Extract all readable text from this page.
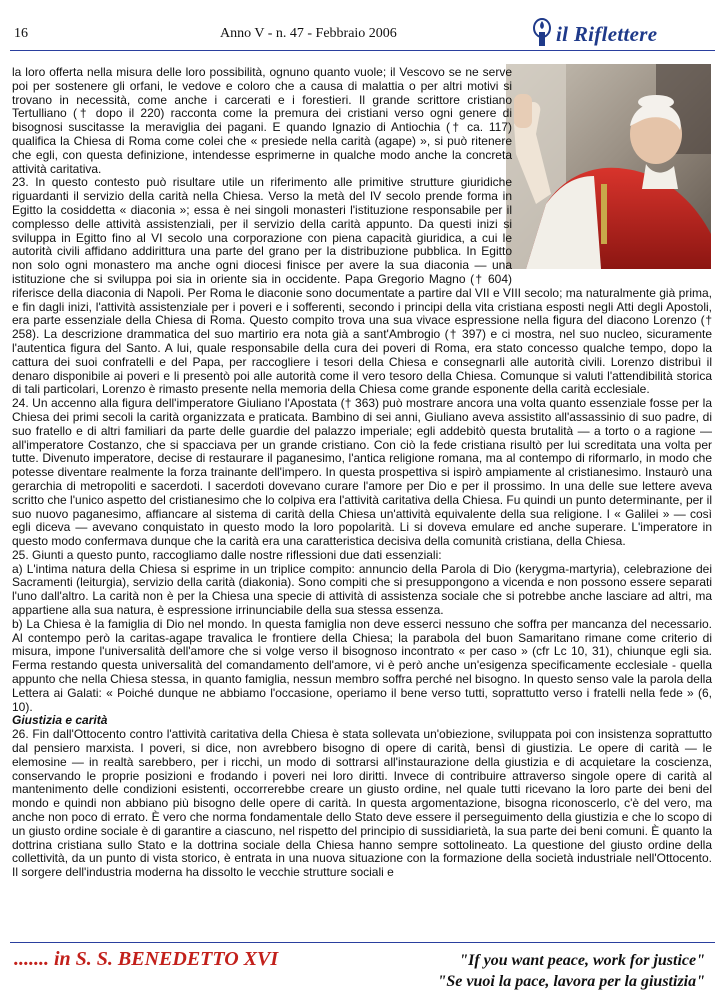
16	Anno V - n. 47 - Febbraio 2006	il Riflettere

la loro offerta nella misura delle loro possibilità, ognuno quanto vuole; il Vescovo se ne serve poi per sostenere gli orfani, le vedove e coloro che a causa di malattia o per altri motivi si trovano in necessità, come anche i carcerati e i forestieri. Il grande scrittore cristiano Tertulliano († dopo il 220) racconta come la premura dei cristiani verso ogni genere di bisognosi suscitasse la meraviglia dei pagani. E quando Ignazio di Antiochia († ca. 117) qualifica la Chiesa di Roma come colei che « presiede nella carità (agape) », si può ritenere che egli, con questa definizione, intendesse esprimerne in qualche modo anche la concreta attività caritativa.

23. In questo contesto può risultare utile un riferimento alle primitive strutture giuridiche riguardanti il servizio della carità nella Chiesa. Verso la metà del IV secolo prende forma in Egitto la cosiddetta « diaconia »; essa è nei singoli monasteri l'istituzione responsabile per il complesso delle attività assistenziali, per il servizio della carità appunto. Da questi inizi si sviluppa in Egitto fino al VI secolo una corporazione con piena capacità giuridica, a cui le autorità civili affidano addirittura una parte del grano per la distribuzione pubblica. In Egitto non solo ogni monastero ma anche ogni diocesi finisce per avere la sua diaconia — una istituzione che si sviluppa poi sia in oriente sia in occidente. Papa Gregorio Magno († 604) riferisce della diaconia di Napoli. Per Roma le diaconie sono documentate a partire dal VII e VIII secolo; ma naturalmente già prima, e fin dagli inizi, l'attività assistenziale per i poveri e i sofferenti, secondo i principi della vita cristiana esposti negli Atti degli Apostoli, era parte essenziale della Chiesa di Roma. Questo compito trova una sua vivace espressione nella figura del diacono Lorenzo († 258). La descrizione drammatica del suo martirio era nota già a sant'Ambrogio († 397) e ci mostra, nel suo nucleo, sicuramente l'autentica figura del Santo. A lui, quale responsabile della cura dei poveri di Roma, era stato concesso qualche tempo, dopo la cattura dei suoi confratelli e del Papa, per raccogliere i tesori della Chiesa e consegnarli alle autorità civili. Lorenzo distribuì il denaro disponibile ai poveri e li presentò poi alle autorità come il vero tesoro della Chiesa. Comunque si valuti l'attendibilità storica di tali particolari, Lorenzo è rimasto presente nella memoria della Chiesa come grande esponente della carità ecclesiale.

24. Un accenno alla figura dell'imperatore Giuliano l'Apostata († 363) può mostrare ancora una volta quanto essenziale fosse per la Chiesa dei primi secoli la carità organizzata e praticata. Bambino di sei anni, Giuliano aveva assistito all'assassinio di suo padre, di suo fratello e di altri familiari da parte delle guardie del palazzo imperiale; egli addebitò questa brutalità — a torto o a ragione — all'imperatore Costanzo, che si spacciava per un grande cristiano. Con ciò la fede cristiana risultò per lui screditata una volta per tutte. Divenuto imperatore, decise di restaurare il paganesimo, l'antica religione romana, ma al contempo di riformarlo, in modo che potesse diventare realmente la forza trainante dell'impero. In questa prospettiva si ispirò ampiamente al cristianesimo. Instaurò una gerarchia di metropoliti e sacerdoti. I sacerdoti dovevano curare l'amore per Dio e per il prossimo. In una delle sue lettere aveva scritto che l'unico aspetto del cristianesimo che lo colpiva era l'attività caritativa della Chiesa. Fu quindi un punto determinante, per il suo nuovo paganesimo, affiancare al sistema di carità della Chiesa un'attività equivalente della sua religione. I « Galilei » — così egli diceva — avevano conquistato in questo modo la loro popolarità. Li si doveva emulare ed anche superare. L'imperatore in questo modo confermava dunque che la carità era una caratteristica decisiva della comunità cristiana, della Chiesa.

25. Giunti a questo punto, raccogliamo dalle nostre riflessioni due dati essenziali:

a) L'intima natura della Chiesa si esprime in un triplice compito: annuncio della Parola di Dio (kerygma-martyria), celebrazione dei Sacramenti (leiturgia), servizio della carità (diakonia). Sono compiti che si presuppongono a vicenda e non possono essere separati l'uno dall'altro. La carità non è per la Chiesa una specie di attività di assistenza sociale che si potrebbe anche lasciare ad altri, ma appartiene alla sua natura, è espressione irrinunciabile della sua stessa essenza.

b) La Chiesa è la famiglia di Dio nel mondo. In questa famiglia non deve esserci nessuno che soffra per mancanza del necessario. Al contempo però la caritas-agape travalica le frontiere della Chiesa; la parabola del buon Samaritano rimane come criterio di misura, impone l'universalità dell'amore che si volge verso il bisognoso incontrato « per caso » (cfr Lc 10, 31), chiunque egli sia. Ferma restando questa universalità del comandamento dell'amore, vi è però anche un'esigenza specificamente ecclesiale - quella appunto che nella Chiesa stessa, in quanto famiglia, nessun membro soffra perché nel bisogno. In questo senso vale la parola della Lettera ai Galati: « Poiché dunque ne abbiamo l'occasione, operiamo il bene verso tutti, soprattutto verso i fratelli nella fede » (6, 10).

Giustizia e carità

26. Fin dall'Ottocento contro l'attività caritativa della Chiesa è stata sollevata un'obiezione, sviluppata poi con insistenza soprattutto dal pensiero marxista. I poveri, si dice, non avrebbero bisogno di opere di carità, bensì di giustizia. Le opere di carità — le elemosine — in realtà sarebbero, per i ricchi, un modo di sottrarsi all'instaurazione della giustizia e di acquietare la coscienza, conservando le proprie posizioni e frodando i poveri nei loro diritti. Invece di contribuire attraverso singole opere di carità al mantenimento delle condizioni esistenti, occorrerebbe creare un giusto ordine, nel quale tutti ricevano la loro parte dei beni del mondo e quindi non abbiano più bisogno delle opere di carità. In questa argomentazione, bisogna riconoscerlo, c'è del vero, ma anche non poco di errato. È vero che norma fondamentale dello Stato deve essere il perseguimento della giustizia e che lo scopo di un giusto ordine sociale è di garantire a ciascuno, nel rispetto del principio di sussidiarietà, la sua parte dei beni comuni. È quanto la dottrina cristiana sullo Stato e la dottrina sociale della Chiesa hanno sempre sottolineato. La questione del giusto ordine della collettività, da un punto di vista storico, è entrata in una nuova situazione con la formazione della società industriale nell'Ottocento. Il sorgere dell'industria moderna ha dissolto le vecchie strutture sociali e

....... in S. S. BENEDETTO XVI	"If you want peace, work for justice"
"Se vuoi la pace, lavora per la giustizia"
